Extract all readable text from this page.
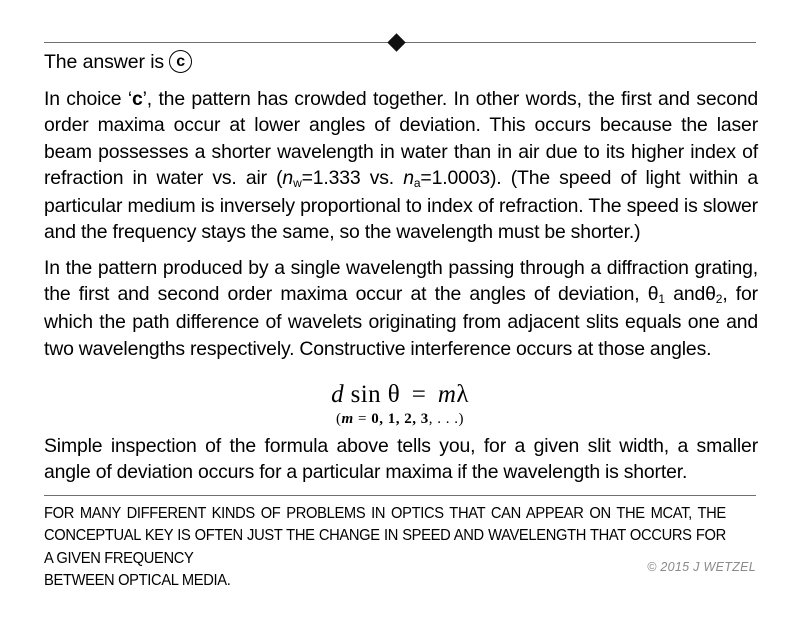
The answer is c

In choice ‘c’, the pattern has crowded together. In other words, the first and second order maxima occur at lower angles of deviation. This occurs because the laser beam possesses a shorter wavelength in water than in air due to its higher index of refraction in water vs. air ($n_w=1.333$ vs. $n_a=1.0003$). (The speed of light within a particular medium is inversely proportional to index of refraction. The speed is slower and the frequency stays the same, so the wavelength must be shorter.)

In the pattern produced by a single wavelength passing through a diffraction grating, the first and second order maxima occur at the angles of deviation, $\theta_1$ andθ$_2$, for which the path difference of wavelets originating from adjacent slits equals one and two wavelengths respectively. Constructive interference occurs at those angles.

d sin θ = mλ
(m = 0, 1, 2, 3, . . .)

Simple inspection of the formula above tells you, for a given slit width, a smaller angle of deviation occurs for a particular maxima if the wavelength is shorter.

FOR MANY DIFFERENT KINDS OF PROBLEMS IN OPTICS THAT CAN APPEAR ON THE MCAT, THE CONCEPTUAL KEY IS OFTEN JUST THE CHANGE IN SPEED AND WAVELENGTH THAT OCCURS FOR A GIVEN FREQUENCY
BETWEEN OPTICAL MEDIA.
© 2015 J WETZEL
